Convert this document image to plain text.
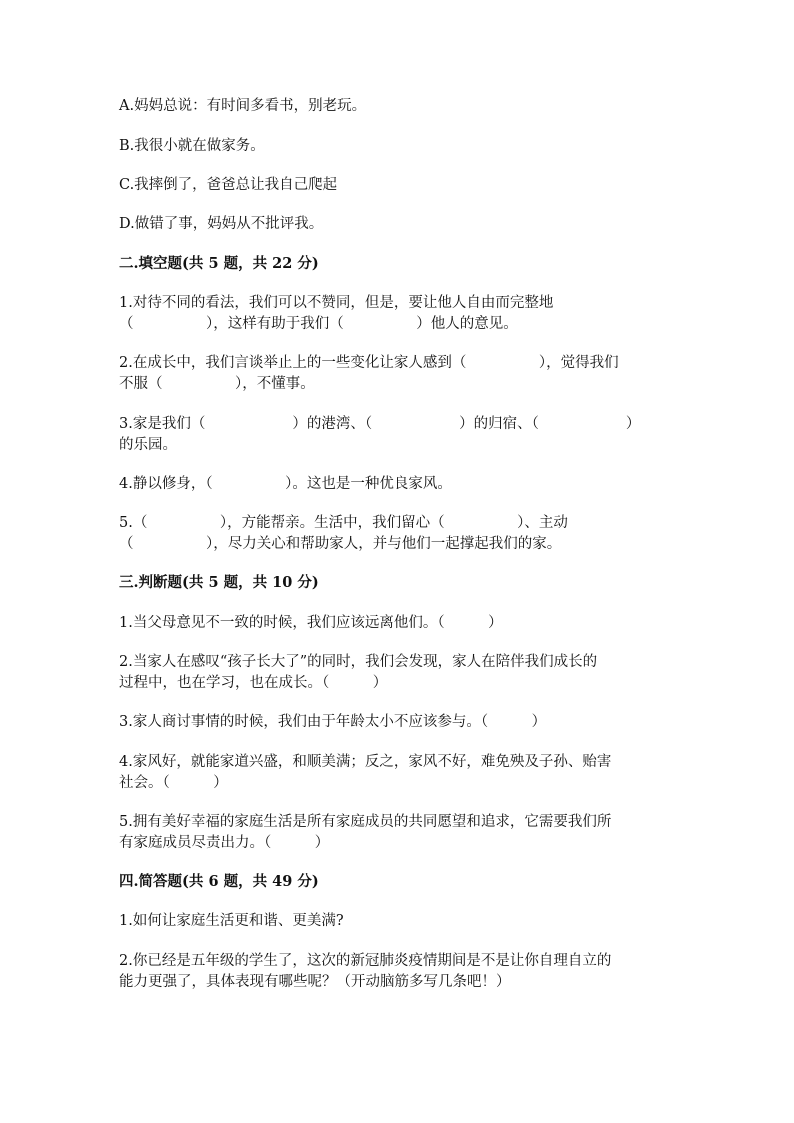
A.妈妈总说：有时间多看书，别老玩。
B.我很小就在做家务。
C.我摔倒了，爸爸总让我自己爬起
D.做错了事，妈妈从不批评我。
二.填空题(共 5 题，共 22 分)
1.对待不同的看法，我们可以不赞同，但是，要让他人自由而完整地
（　　　　　），这样有助于我们（　　　　　）他人的意见。
2.在成长中，我们言谈举止上的一些变化让家人感到（　　　　　），觉得我们
不服（　　　　　），不懂事。
3.家是我们（　　　　　　）的港湾、（　　　　　　）的归宿、（　　　　　　）
的乐园。
4.静以修身，（　　　　　）。这也是一种优良家风。
5.（　　　　　），方能帮亲。生活中，我们留心（　　　　　）、主动
（　　　　　），尽力关心和帮助家人，并与他们一起撑起我们的家。
三.判断题(共 5 题，共 10 分)
1.当父母意见不一致的时候，我们应该远离他们。（　　　）
2.当家人在感叹“孩子长大了”的同时，我们会发现，家人在陪伴我们成长的
过程中，也在学习，也在成长。（　　　）
3.家人商讨事情的时候，我们由于年龄太小不应该参与。（　　　）
4.家风好，就能家道兴盛，和顺美满；反之，家风不好，难免殃及子孙、贻害
社会。（　　　）
5.拥有美好幸福的家庭生活是所有家庭成员的共同愿望和追求，它需要我们所
有家庭成员尽责出力。（　　　）
四.简答题(共 6 题，共 49 分)
1.如何让家庭生活更和谐、更美满?
2.你已经是五年级的学生了，这次的新冠肺炎疫情期间是不是让你自理自立的
能力更强了，具体表现有哪些呢？（开动脑筋多写几条吧！）
